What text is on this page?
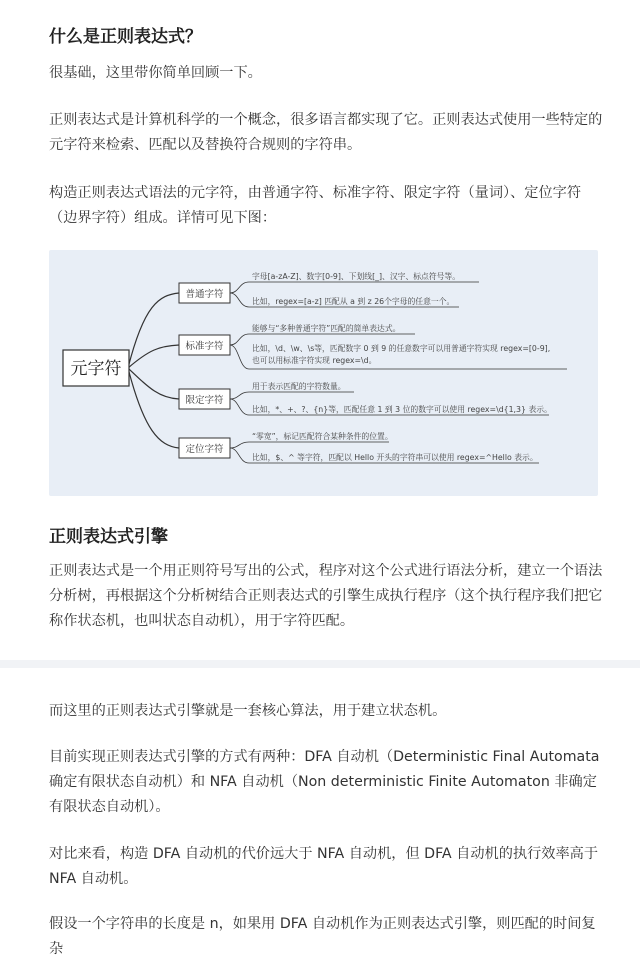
什么是正则表达式？

很基础，这里带你简单回顾一下。

正则表达式是计算机科学的一个概念，很多语言都实现了它。正则表达式使用一些特定的元字符来检索、匹配以及替换符合规则的字符串。

构造正则表达式语法的元字符，由普通字符、标准字符、限定字符（量词）、定位字符（边界字符）组成。详情可见下图：

元字符
普通字符
字母[a-zA-Z]、数字[0-9]、下划线[_]、汉字、标点符号等。
比如，regex=[a-z] 匹配从 a 到 z 26个字母的任意一个。
标准字符
能够与“多种普通字符”匹配的简单表达式。
比如，\d、\w、\s等，匹配数字 0 到 9 的任意数字可以用普通字符实现 regex=[0-9],
也可以用标准字符实现 regex=\d。
限定字符
用于表示匹配的字符数量。
比如，*、+、?、{n}等，匹配任意 1 到 3 位的数字可以使用 regex=\d{1,3} 表示。
定位字符
“零宽”，标记匹配符合某种条件的位置。
比如，$、^ 等字符，匹配以 Hello 开头的字符串可以使用 regex=^Hello 表示。
正则表达式引擎

正则表达式是一个用正则符号写出的公式，程序对这个公式进行语法分析，建立一个语法分析树，再根据这个分析树结合正则表达式的引擎生成执行程序（这个执行程序我们把它称作状态机，也叫状态自动机），用于字符匹配。

而这里的正则表达式引擎就是一套核心算法，用于建立状态机。

目前实现正则表达式引擎的方式有两种：DFA 自动机（Deterministic Final Automata 确定有限状态自动机）和 NFA 自动机（Non deterministic Finite Automaton 非确定有限状态自动机）。

对比来看，构造 DFA 自动机的代价远大于 NFA 自动机，但 DFA 自动机的执行效率高于 NFA 自动机。

假设一个字符串的长度是 n，如果用 DFA 自动机作为正则表达式引擎，则匹配的时间复杂
